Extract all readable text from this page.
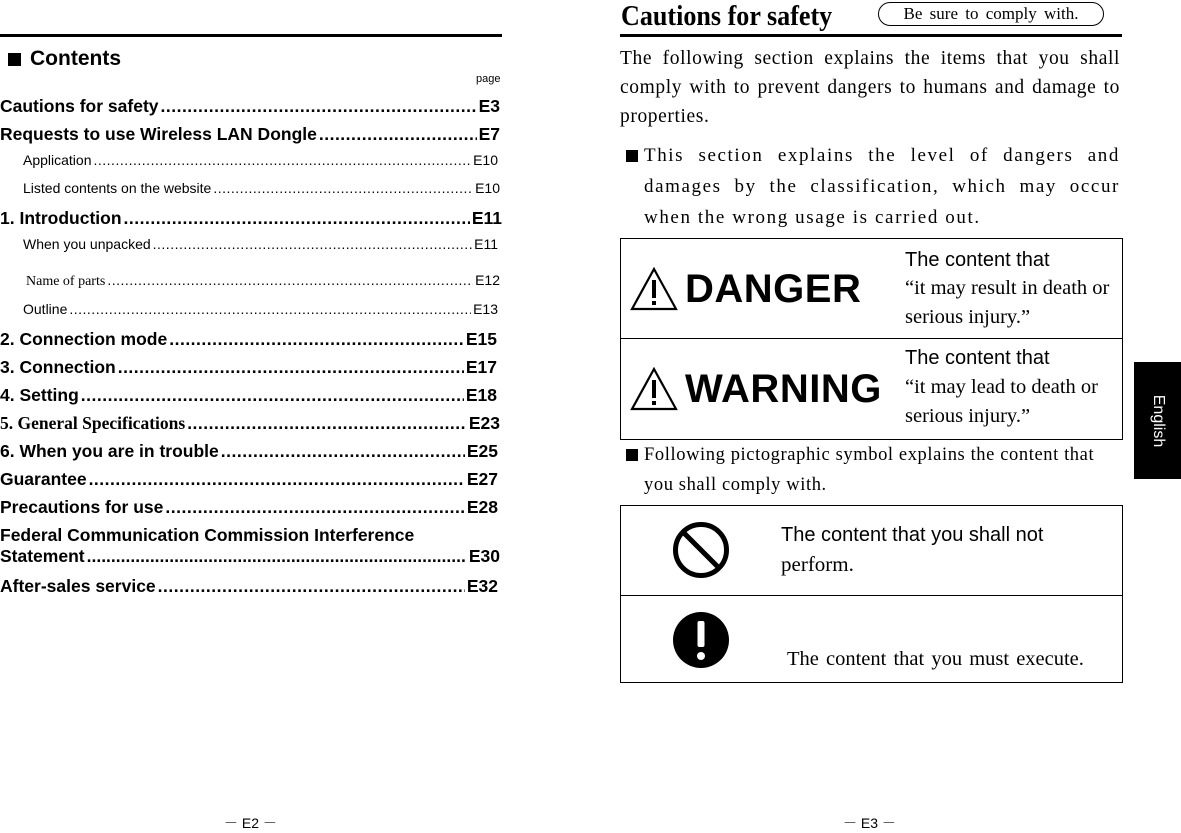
Contents
page
Cautions for safety .....	E3
Requests to use Wireless LAN Dongle .....	E7
Application .....	E10
Listed contents on the website .....	E10
1. Introduction .....	E11
When you unpacked .....	E11
Name of parts .....	E12
Outline .....	E13
2. Connection mode .....	E15
3. Connection .....	E17
4. Setting .....	E18
5. General Specifications .....	E23
6. When you are in trouble .....	E25
Guarantee .....	E27
Precautions for use .....	E28
Federal Communication Commission Interference
Statement .....	E30
After-sales service .....	E32
－ E2 －
Cautions for safety	Be sure to comply with.
The following section explains the items that you shall comply with to prevent dangers to humans and damage to properties.
This section explains the level of dangers and damages by the classification, which may occur when the wrong usage is carried out.
DANGER
The content that
“it may result in death or serious injury.”
WARNING
The content that
“it may lead to death or serious injury.”
Following pictographic symbol explains the content that you shall comply with.
The content that you shall not
perform.
The content that you must execute.
－ E3 －
English
